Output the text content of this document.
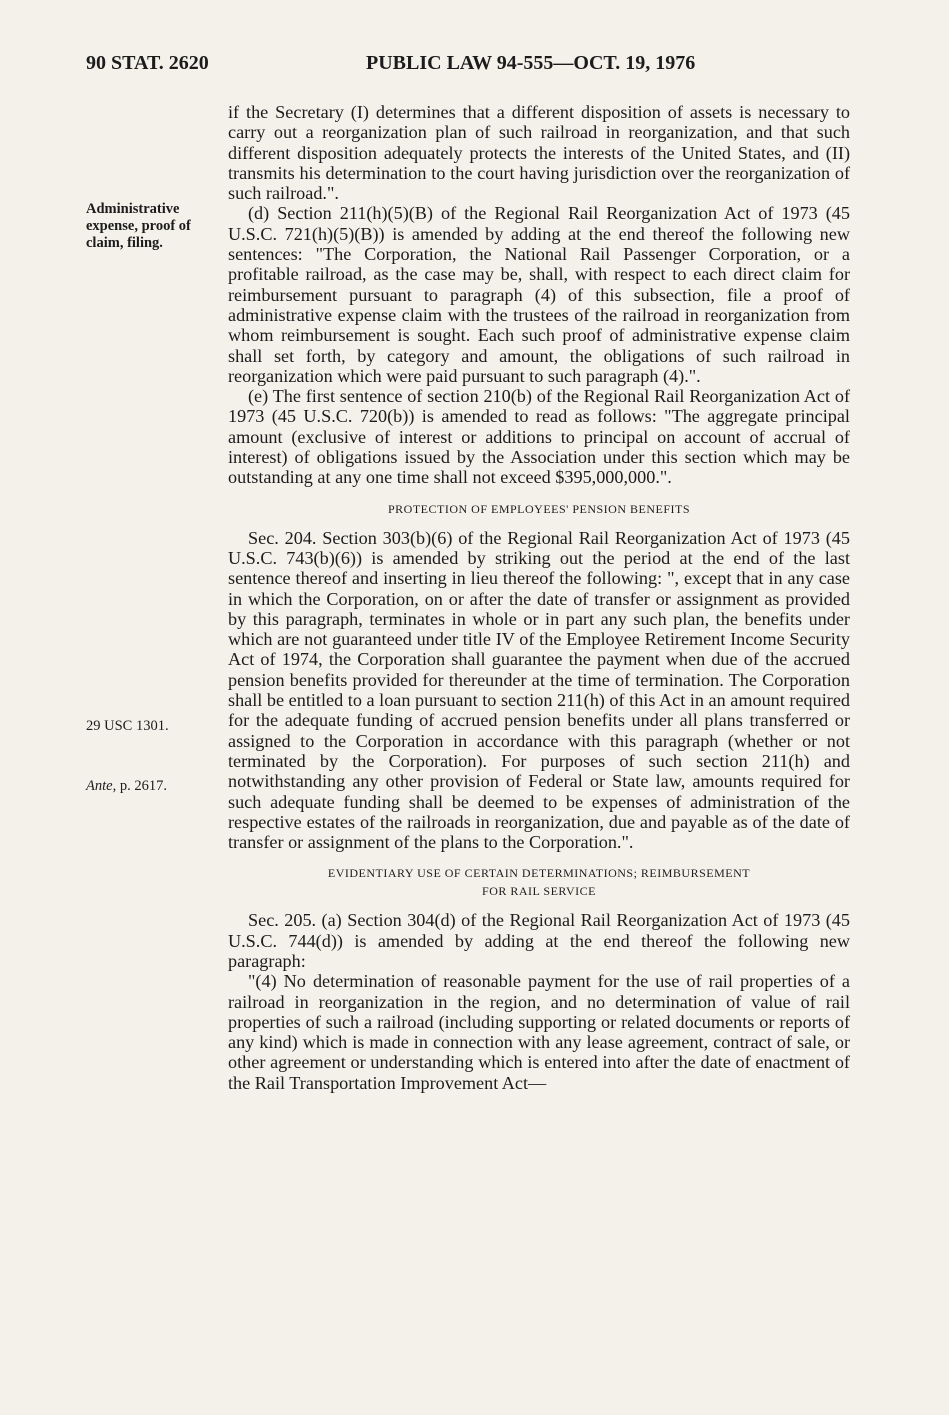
90 STAT. 2620	PUBLIC LAW 94-555—OCT. 19, 1976
Administrative expense, proof of claim, filing.
29 USC 1301.
Ante, p. 2617.

if the Secretary (I) determines that a different disposition of assets is necessary to carry out a reorganization plan of such railroad in reorganization, and that such different disposition adequately protects the interests of the United States, and (II) transmits his determination to the court having jurisdiction over the reorganization of such railroad.".

(d) Section 211(h)(5)(B) of the Regional Rail Reorganization Act of 1973 (45 U.S.C. 721(h)(5)(B)) is amended by adding at the end thereof the following new sentences: "The Corporation, the National Rail Passenger Corporation, or a profitable railroad, as the case may be, shall, with respect to each direct claim for reimbursement pursuant to paragraph (4) of this subsection, file a proof of administrative expense claim with the trustees of the railroad in reorganization from whom reimbursement is sought. Each such proof of administrative expense claim shall set forth, by category and amount, the obligations of such railroad in reorganization which were paid pursuant to such paragraph (4).".

(e) The first sentence of section 210(b) of the Regional Rail Reorganization Act of 1973 (45 U.S.C. 720(b)) is amended to read as follows: "The aggregate principal amount (exclusive of interest or additions to principal on account of accrual of interest) of obligations issued by the Association under this section which may be outstanding at any one time shall not exceed $395,000,000.".

PROTECTION OF EMPLOYEES' PENSION BENEFITS

Sec. 204. Section 303(b)(6) of the Regional Rail Reorganization Act of 1973 (45 U.S.C. 743(b)(6)) is amended by striking out the period at the end of the last sentence thereof and inserting in lieu thereof the following: ", except that in any case in which the Corporation, on or after the date of transfer or assignment as provided by this paragraph, terminates in whole or in part any such plan, the benefits under which are not guaranteed under title IV of the Employee Retirement Income Security Act of 1974, the Corporation shall guarantee the payment when due of the accrued pension benefits provided for thereunder at the time of termination. The Corporation shall be entitled to a loan pursuant to section 211(h) of this Act in an amount required for the adequate funding of accrued pension benefits under all plans transferred or assigned to the Corporation in accordance with this paragraph (whether or not terminated by the Corporation). For purposes of such section 211(h) and notwithstanding any other provision of Federal or State law, amounts required for such adequate funding shall be deemed to be expenses of administration of the respective estates of the railroads in reorganization, due and payable as of the date of transfer or assignment of the plans to the Corporation.".

EVIDENTIARY USE OF CERTAIN DETERMINATIONS; REIMBURSEMENT
FOR RAIL SERVICE

Sec. 205. (a) Section 304(d) of the Regional Rail Reorganization Act of 1973 (45 U.S.C. 744(d)) is amended by adding at the end thereof the following new paragraph:

"(4) No determination of reasonable payment for the use of rail properties of a railroad in reorganization in the region, and no determination of value of rail properties of such a railroad (including supporting or related documents or reports of any kind) which is made in connection with any lease agreement, contract of sale, or other agreement or understanding which is entered into after the date of enactment of the Rail Transportation Improvement Act—
